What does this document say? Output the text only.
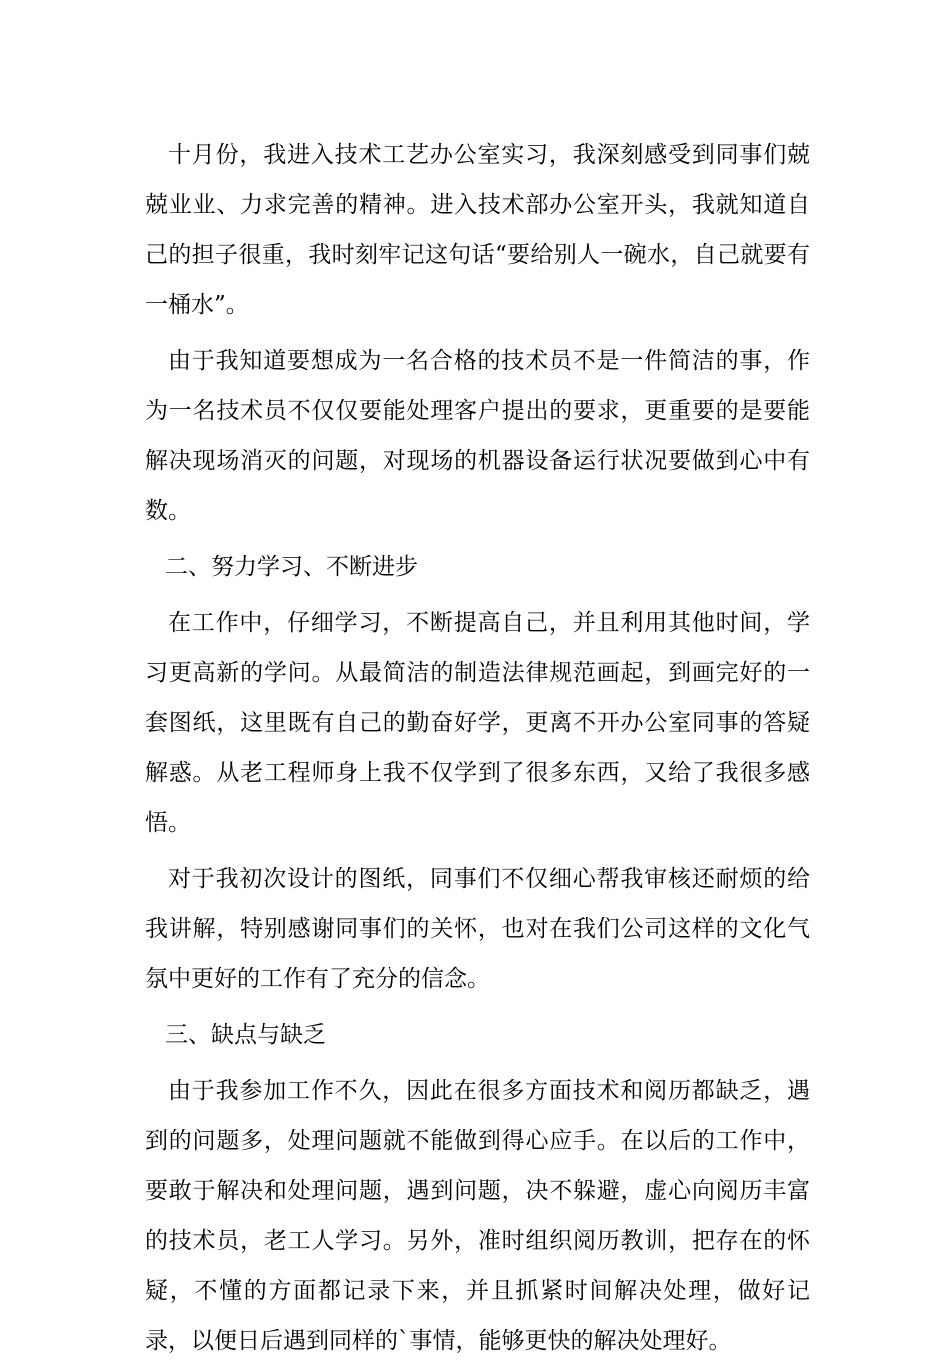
十月份，我进入技术工艺办公室实习，我深刻感受到同事们兢兢业业、力求完善的精神。进入技术部办公室开头，我就知道自己的担子很重，我时刻牢记这句话“要给别人一碗水，自己就要有一桶水”。

由于我知道要想成为一名合格的技术员不是一件简洁的事，作为一名技术员不仅仅要能处理客户提出的要求，更重要的是要能解决现场消灭的问题，对现场的机器设备运行状况要做到心中有数。

二、努力学习、不断进步

在工作中，仔细学习，不断提高自己，并且利用其他时间，学习更高新的学问。从最简洁的制造法律规范画起，到画完好的一套图纸，这里既有自己的勤奋好学，更离不开办公室同事的答疑解惑。从老工程师身上我不仅学到了很多东西，又给了我很多感悟。

对于我初次设计的图纸，同事们不仅细心帮我审核还耐烦的给我讲解，特别感谢同事们的关怀，也对在我们公司这样的文化气氛中更好的工作有了充分的信念。

三、缺点与缺乏

由于我参加工作不久，因此在很多方面技术和阅历都缺乏，遇到的问题多，处理问题就不能做到得心应手。在以后的工作中，要敢于解决和处理问题，遇到问题，决不躲避，虚心向阅历丰富的技术员，老工人学习。另外，准时组织阅历教训，把存在的怀疑，不懂的方面都记录下来，并且抓紧时间解决处理，做好记录，以便日后遇到同样的`事情，能够更快的解决处理好。
